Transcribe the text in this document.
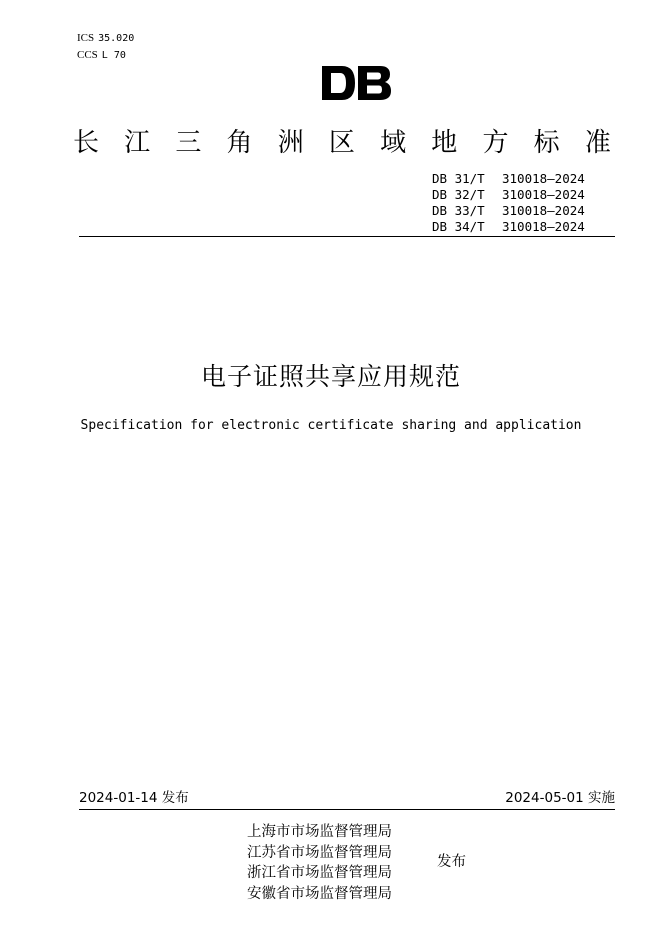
ICS 35.020
CCS L 70
长 江 三 角 洲 区 域 地 方 标 准
DB 31/T 310018—2024
DB 32/T 310018—2024
DB 33/T 310018—2024
DB 34/T 310018—2024
电子证照共享应用规范
Specification for electronic certificate sharing and application
2024-01-14 发布	2024-05-01 实施
上海市市场监督管理局
江苏省市场监督管理局
浙江省市场监督管理局
安徽省市场监督管理局
发布
